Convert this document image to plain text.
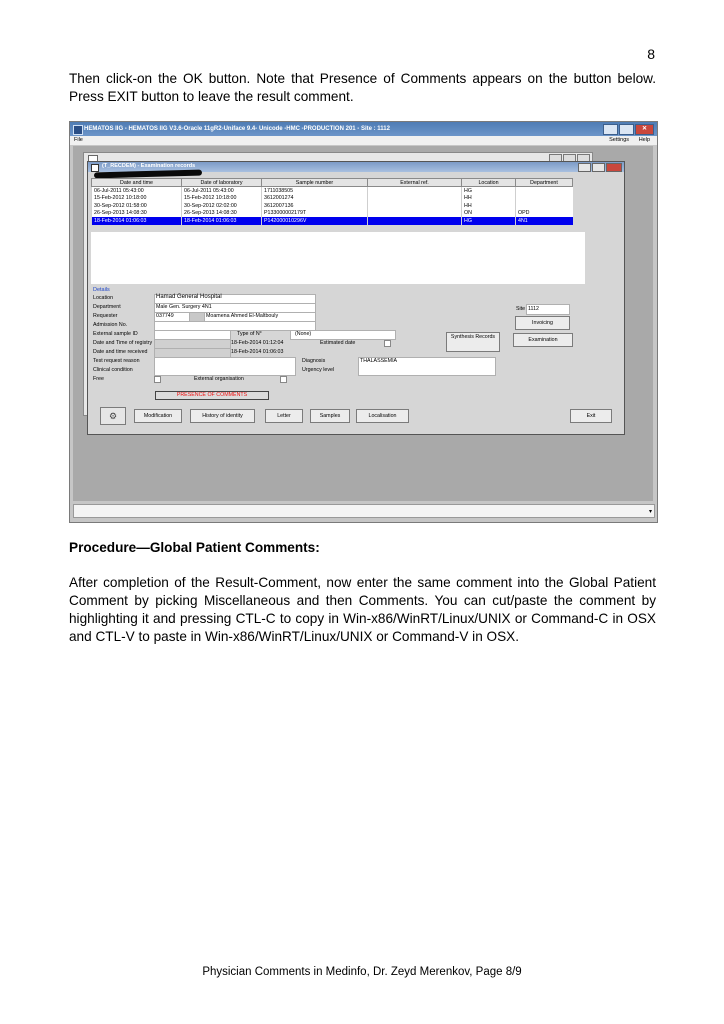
8

Then click-on the OK button. Note that Presence of Comments appears on the button below. Press EXIT button to leave the result comment.

HEMATOS IIG - HEMATOS IIG V3.6-Oracle 11gR2-Uniface 9.4- Unicode -HMC -PRODUCTION 201 - Site : 1112	✕
File	Settings Help
(T_RECDEM) - Examination records
Date and time	Date of laboratory	Sample number	External ref.	Location	Department
06-Jul-2011 05:43:00	06-Jul-2011 05:43:00	1711038505		HG	
15-Feb-2012 10:18:00	15-Feb-2012 10:18:00	3612001274		HH	
30-Sep-2012 01:58:00	30-Sep-2012 02:02:00	3612007136		HH	
26-Sep-2013 14:08:30	26-Sep-2013 14:08:30	P133000002179T		ON	OPD
18-Feb-2014 01:06:03	18-Feb-2014 01:06:03	P142000010296V		HG	4N1
Details
Location	Hamad General Hospital
Department	Male Gen. Surgery 4N1
Requester	037749	Moamena Ahmed El-Maltbouly
Admission No.
External sample ID	Type of N°	(None)
Date and Time of registry	18-Feb-2014 01:12:04	Estimated date
Date and time received	18-Feb-2014 01:06:03
Test request reason	Diagnosis	THALASSEMIA
Clinical condition	Urgency level
Free	External organisation
PRESENCE OF COMMENTS
Site 1112
Invoicing
Synthesis Records	Examination
⚙	Modification	History of identity	Letter	Samples	Localisation	Exit
▾
Procedure—Global Patient Comments:

After completion of the Result-Comment, now enter the same comment into the Global Patient Comment by picking Miscellaneous and then Comments. You can cut/paste the comment by highlighting it and pressing CTL-C to copy in Win-x86/WinRT/Linux/UNIX or Command-C in OSX and CTL-V to paste in Win-x86/WinRT/Linux/UNIX or Command-V in OSX.

Physician Comments in Medinfo, Dr. Zeyd Merenkov, Page 8/9
